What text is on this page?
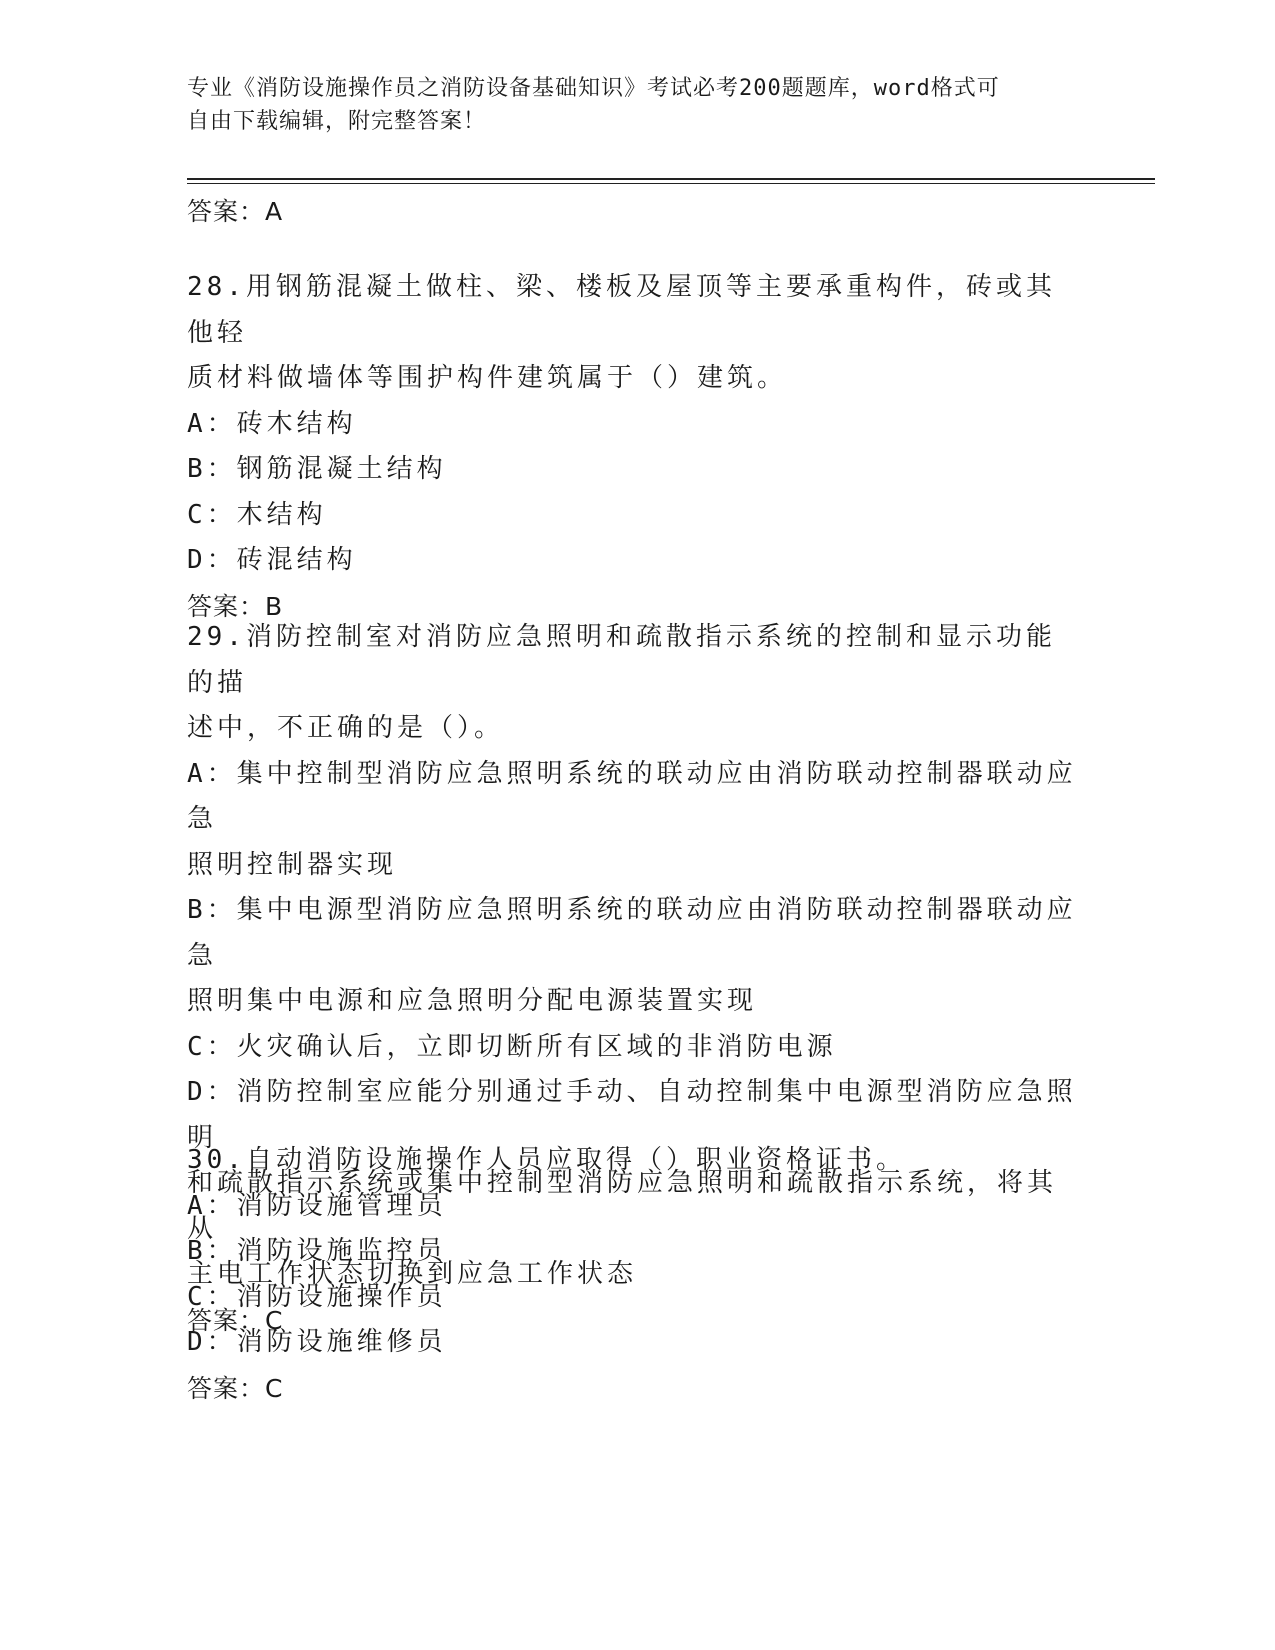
专业《消防设施操作员之消防设备基础知识》考试必考200题题库，word格式可
自由下载编辑，附完整答案！
答案：A

28.用钢筋混凝土做柱、梁、楼板及屋顶等主要承重构件，砖或其他轻

质材料做墙体等围护构件建筑属于（）建筑。

A：砖木结构

B：钢筋混凝土结构

C：木结构

D：砖混结构

答案：B

29.消防控制室对消防应急照明和疏散指示系统的控制和显示功能的描

述中，不正确的是（）。

A：集中控制型消防应急照明系统的联动应由消防联动控制器联动应急

照明控制器实现

B：集中电源型消防应急照明系统的联动应由消防联动控制器联动应急

照明集中电源和应急照明分配电源装置实现

C：火灾确认后，立即切断所有区域的非消防电源

D：消防控制室应能分别通过手动、自动控制集中电源型消防应急照明

和疏散指示系统或集中控制型消防应急照明和疏散指示系统，将其从

主电工作状态切换到应急工作状态

答案：C

30.自动消防设施操作人员应取得（）职业资格证书。

A：消防设施管理员

B：消防设施监控员

C：消防设施操作员

D：消防设施维修员

答案：C
